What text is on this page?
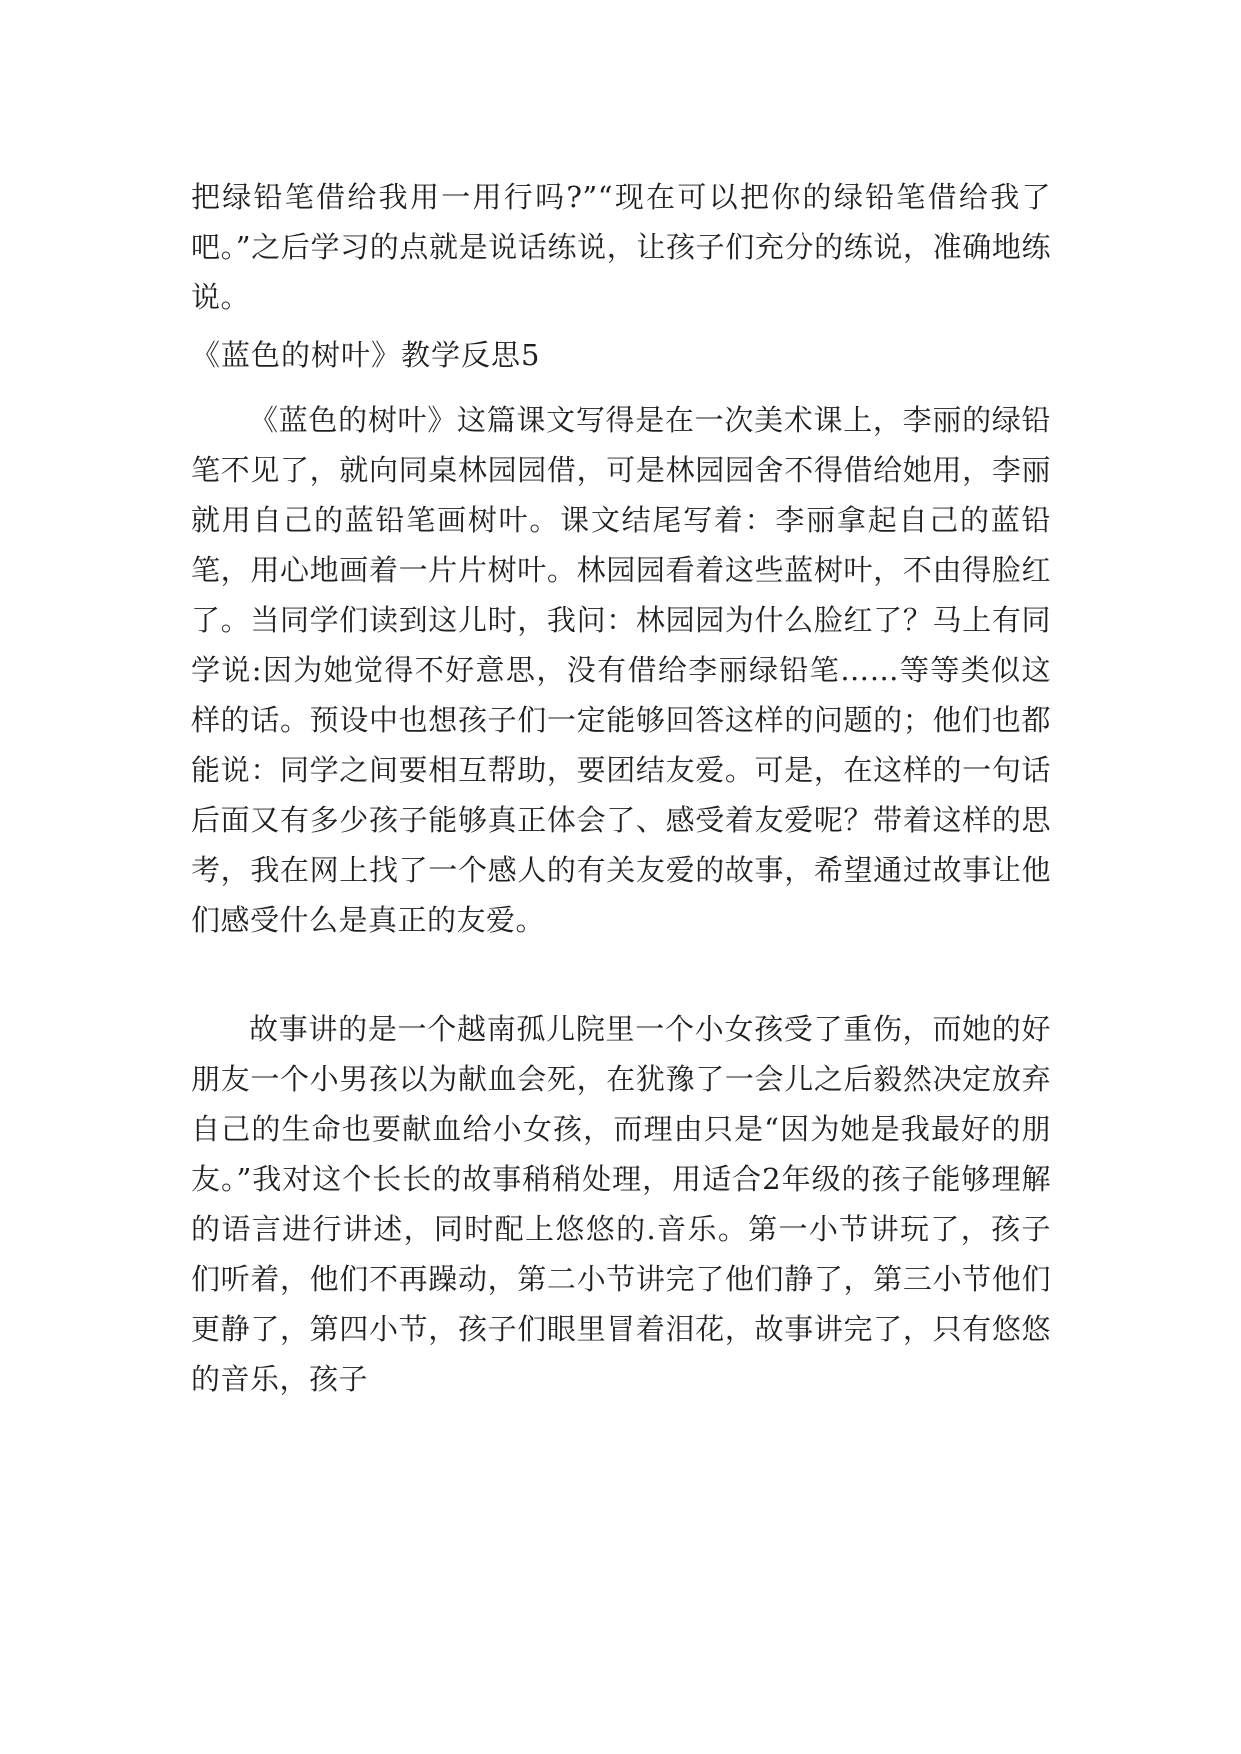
把绿铅笔借给我用一用行吗?”“现在可以把你的绿铅笔借给我了吧。”之后学习的点就是说话练说，让孩子们充分的练说，准确地练说。

《蓝色的树叶》教学反思5

《蓝色的树叶》这篇课文写得是在一次美术课上，李丽的绿铅笔不见了，就向同桌林园园借，可是林园园舍不得借给她用，李丽就用自己的蓝铅笔画树叶。课文结尾写着：李丽拿起自己的蓝铅笔，用心地画着一片片树叶。林园园看着这些蓝树叶，不由得脸红了。当同学们读到这儿时，我问：林园园为什么脸红了？马上有同学说:因为她觉得不好意思，没有借给李丽绿铅笔……等等类似这样的话。预设中也想孩子们一定能够回答这样的问题的；他们也都能说：同学之间要相互帮助，要团结友爱。可是，在这样的一句话后面又有多少孩子能够真正体会了、感受着友爱呢？带着这样的思考，我在网上找了一个感人的有关友爱的故事，希望通过故事让他们感受什么是真正的友爱。

故事讲的是一个越南孤儿院里一个小女孩受了重伤，而她的好朋友一个小男孩以为献血会死，在犹豫了一会儿之后毅然决定放弃自己的生命也要献血给小女孩，而理由只是“因为她是我最好的朋友。”我对这个长长的故事稍稍处理，用适合2年级的孩子能够理解的语言进行讲述，同时配上悠悠的.音乐。第一小节讲玩了，孩子们听着，他们不再躁动，第二小节讲完了他们静了，第三小节他们更静了，第四小节，孩子们眼里冒着泪花，故事讲完了，只有悠悠的音乐，孩子
